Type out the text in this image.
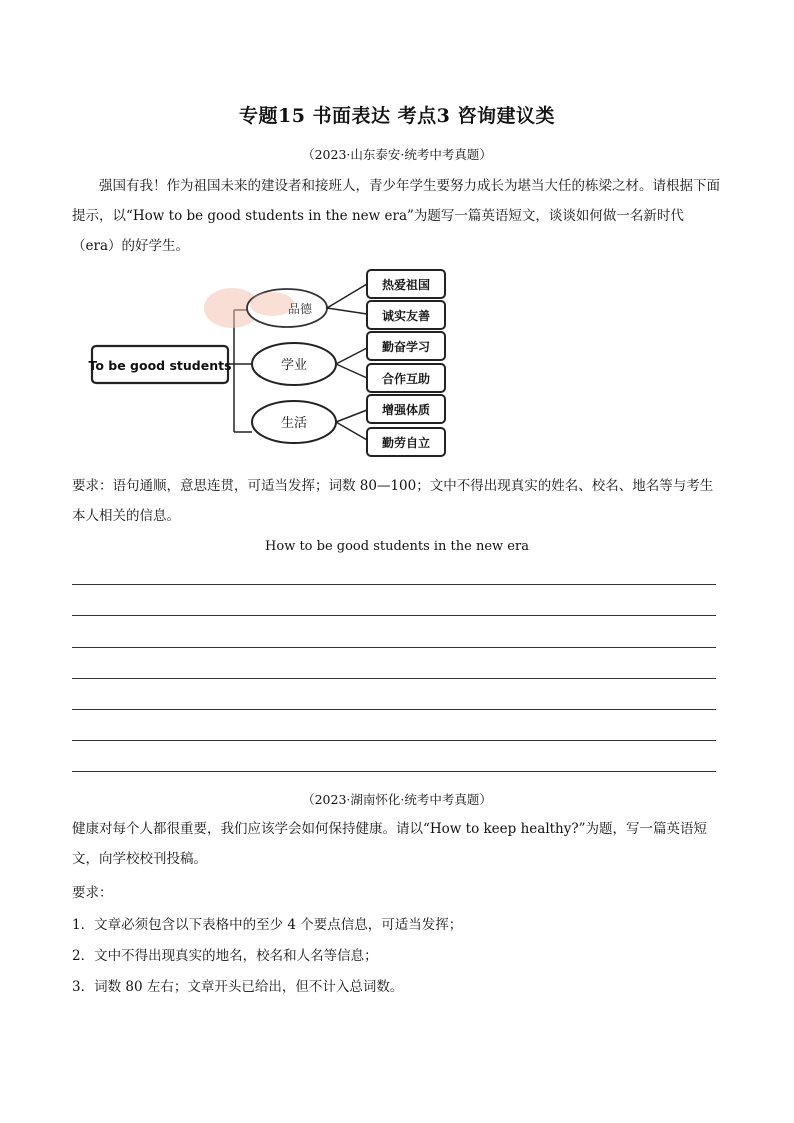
专题15 书面表达 考点3 咨询建议类
（2023·山东泰安·统考中考真题）
强国有我！作为祖国未来的建设者和接班人，青少年学生要努力成长为堪当大任的栋梁之材。请根据下面提示，以“How to be good students in the new era”为题写一篇英语短文，谈谈如何做一名新时代（era）的好学生。
To be good students
品德
热爱祖国
诚实友善
学业
勤奋学习
合作互助
生活
增强体质
勤劳自立
要求：语句通顺，意思连贯，可适当发挥；词数 80—100；文中不得出现真实的姓名、校名、地名等与考生本人相关的信息。
How to be good students in the new era
（2023·湖南怀化·统考中考真题）
健康对每个人都很重要，我们应该学会如何保持健康。请以“How to keep healthy?”为题，写一篇英语短文，向学校校刊投稿。
要求：
1．文章必须包含以下表格中的至少 4 个要点信息，可适当发挥；
2．文中不得出现真实的地名，校名和人名等信息；
3．词数 80 左右；文章开头已给出，但不计入总词数。
